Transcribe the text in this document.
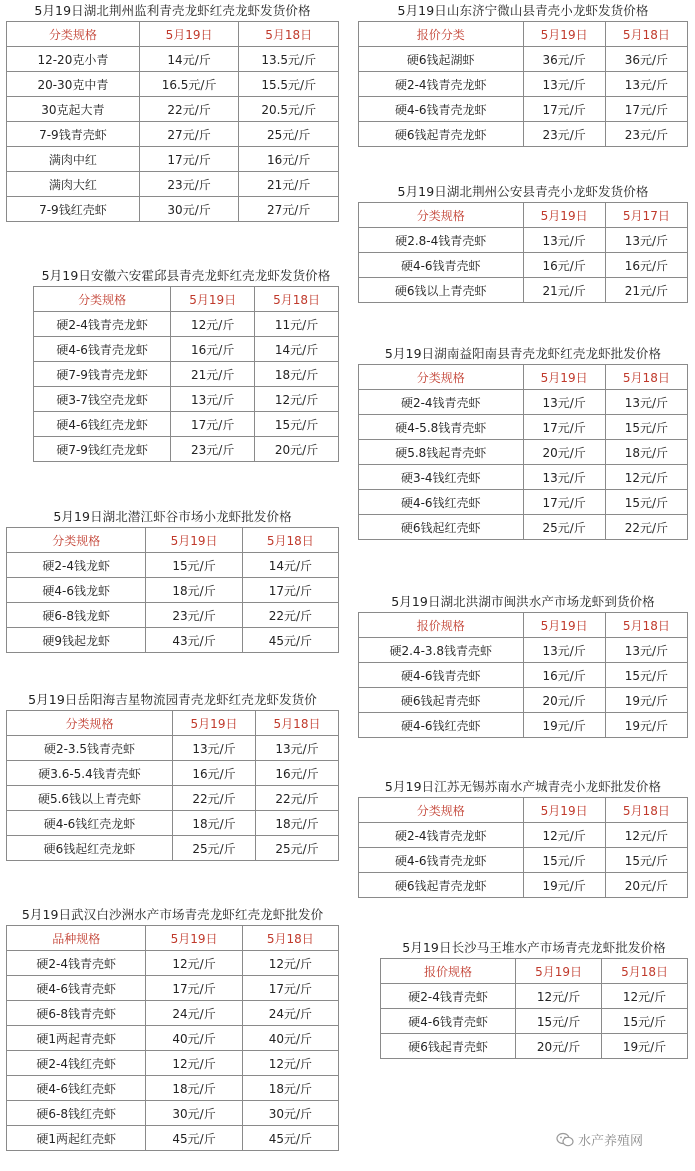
5月19日湖北荆州监利青壳龙虾红壳龙虾发货价格
分类规格	5月19日	5月18日
12-20克小青	14元/斤	13.5元/斤
20-30克中青	16.5元/斤	15.5元/斤
30克起大青	22元/斤	20.5元/斤
7-9钱青壳虾	27元/斤	25元/斤
满肉中红	17元/斤	16元/斤
满肉大红	23元/斤	21元/斤
7-9钱红壳虾	30元/斤	27元/斤
5月19日安徽六安霍邱县青壳龙虾红壳龙虾发货价格
分类规格	5月19日	5月18日
硬2-4钱青壳龙虾	12元/斤	11元/斤
硬4-6钱青壳龙虾	16元/斤	14元/斤
硬7-9钱青壳龙虾	21元/斤	18元/斤
硬3-7钱空壳龙虾	13元/斤	12元/斤
硬4-6钱红壳龙虾	17元/斤	15元/斤
硬7-9钱红壳龙虾	23元/斤	20元/斤
5月19日湖北潜江虾谷市场小龙虾批发价格
分类规格	5月19日	5月18日
硬2-4钱龙虾	15元/斤	14元/斤
硬4-6钱龙虾	18元/斤	17元/斤
硬6-8钱龙虾	23元/斤	22元/斤
硬9钱起龙虾	43元/斤	45元/斤
5月19日岳阳海吉星物流园青壳龙虾红壳龙虾发货价
分类规格	5月19日	5月18日
硬2-3.5钱青壳虾	13元/斤	13元/斤
硬3.6-5.4钱青壳虾	16元/斤	16元/斤
硬5.6钱以上青壳虾	22元/斤	22元/斤
硬4-6钱红壳龙虾	18元/斤	18元/斤
硬6钱起红壳龙虾	25元/斤	25元/斤
5月19日武汉白沙洲水产市场青壳龙虾红壳龙虾批发价
品种规格	5月19日	5月18日
硬2-4钱青壳虾	12元/斤	12元/斤
硬4-6钱青壳虾	17元/斤	17元/斤
硬6-8钱青壳虾	24元/斤	24元/斤
硬1两起青壳虾	40元/斤	40元/斤
硬2-4钱红壳虾	12元/斤	12元/斤
硬4-6钱红壳虾	18元/斤	18元/斤
硬6-8钱红壳虾	30元/斤	30元/斤
硬1两起红壳虾	45元/斤	45元/斤
5月19日山东济宁微山县青壳小龙虾发货价格
报价分类	5月19日	5月18日
硬6钱起湖虾	36元/斤	36元/斤
硬2-4钱青壳龙虾	13元/斤	13元/斤
硬4-6钱青壳龙虾	17元/斤	17元/斤
硬6钱起青壳龙虾	23元/斤	23元/斤
5月19日湖北荆州公安县青壳小龙虾发货价格
分类规格	5月19日	5月17日
硬2.8-4钱青壳虾	13元/斤	13元/斤
硬4-6钱青壳虾	16元/斤	16元/斤
硬6钱以上青壳虾	21元/斤	21元/斤
5月19日湖南益阳南县青壳龙虾红壳龙虾批发价格
分类规格	5月19日	5月18日
硬2-4钱青壳虾	13元/斤	13元/斤
硬4-5.8钱青壳虾	17元/斤	15元/斤
硬5.8钱起青壳虾	20元/斤	18元/斤
硬3-4钱红壳虾	13元/斤	12元/斤
硬4-6钱红壳虾	17元/斤	15元/斤
硬6钱起红壳虾	25元/斤	22元/斤
5月19日湖北洪湖市闽洪水产市场龙虾到货价格
报价规格	5月19日	5月18日
硬2.4-3.8钱青壳虾	13元/斤	13元/斤
硬4-6钱青壳虾	16元/斤	15元/斤
硬6钱起青壳虾	20元/斤	19元/斤
硬4-6钱红壳虾	19元/斤	19元/斤
5月19日江苏无锡苏南水产城青壳小龙虾批发价格
分类规格	5月19日	5月18日
硬2-4钱青壳龙虾	12元/斤	12元/斤
硬4-6钱青壳龙虾	15元/斤	15元/斤
硬6钱起青壳龙虾	19元/斤	20元/斤
5月19日长沙马王堆水产市场青壳龙虾批发价格
报价规格	5月19日	5月18日
硬2-4钱青壳虾	12元/斤	12元/斤
硬4-6钱青壳虾	15元/斤	15元/斤
硬6钱起青壳虾	20元/斤	19元/斤
水产养殖网
